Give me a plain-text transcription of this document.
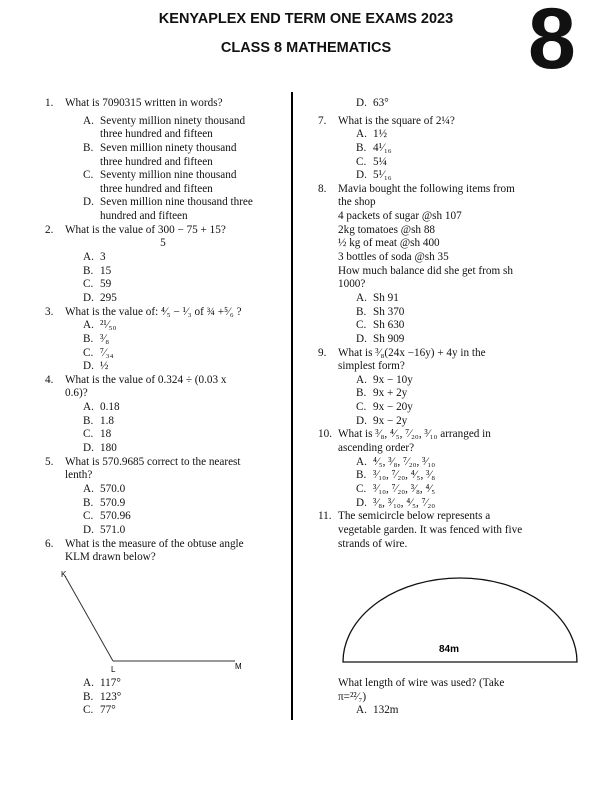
KENYAPLEX END TERM ONE EXAMS 2023
CLASS 8 MATHEMATICS	8
1. What is 7090315 written in words?
A. Seventy million ninety thousand
three hundred and fifteen
B. Seven million ninety thousand
three hundred and fifteen
C. Seventy million nine thousand
three hundred and fifteen
D. Seven million nine thousand three
hundred and fifteen
2. What is the value of 300 − 75 + 15?
5
A. 3
B. 15
C. 59
D. 295
3. What is the value of: ⁴⁄₅ − ¹⁄₃ of ¾ +⁵⁄₆ ?
A. ²¹⁄₅₀
B. ³⁄₈
C. ⁷⁄₃₄
D. ½
4. What is the value of 0.324 ÷ (0.03 x
0.6)?
A. 0.18
B. 1.8
C. 18
D. 180
5. What is 570.9685 correct to the nearest
lenth?
A. 570.0
B. 570.9
C. 570.96
D. 571.0
6. What is the measure of the obtuse angle
KLM drawn below?
A. 117°
B. 123°
C. 77°
D. 63°
7. What is the square of 2¼?
A. 1½
B. 4¹⁄₁₆
C. 5¼
D. 5¹⁄₁₆
8. Mavia bought the following items from
the shop
4 packets of sugar @sh 107
2kg tomatoes @sh 88
½ kg of meat @sh 400
3 bottles of soda @sh 35
How much balance did she get from sh
1000?
A. Sh 91
B. Sh 370
C. Sh 630
D. Sh 909
9. What is ³⁄₈(24x −16y) + 4y in the
simplest form?
A. 9x − 10y
B. 9x + 2y
C. 9x − 20y
D. 9x − 2y
10. What is ³⁄₈, ⁴⁄₅, ⁷⁄₂₀, ³⁄₁₀ arranged in
ascending order?
A. ⁴⁄₅, ³⁄₈, ⁷⁄₂₀, ³⁄₁₀
B. ³⁄₁₀, ⁷⁄₂₀, ⁴⁄₅, ³⁄₈
C. ³⁄₁₀, ⁷⁄₂₀, ³⁄₈, ⁴⁄₅
D. ³⁄₈, ³⁄₁₀, ⁴⁄₅, ⁷⁄₂₀
11. The semicircle below represents a
vegetable garden. It was fenced with five
strands of wire.
What length of wire was used? (Take
π=²²⁄₇)
A. 132m
K
L	M
84m
